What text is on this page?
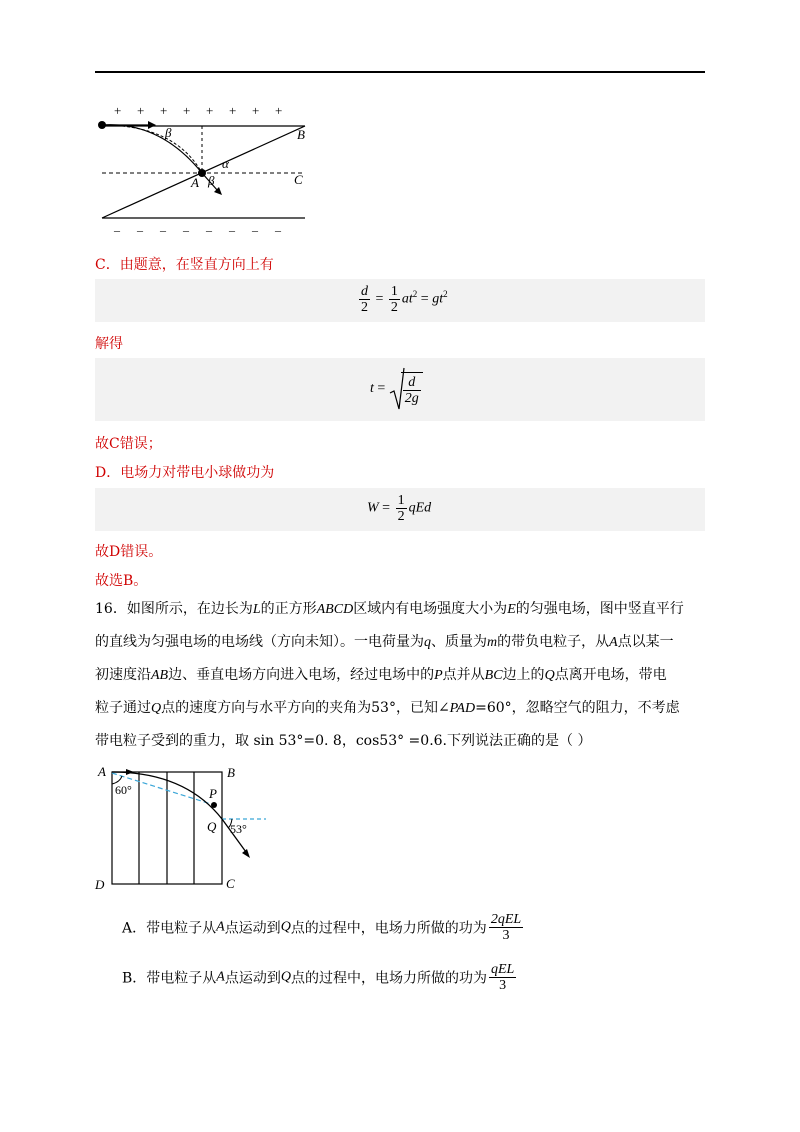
+ + + + + + + +
β	B
α
β
A	C
– – – – – – – –
C．由题意，在竖直方向上有
$\frac{d}{2} = \frac{1}{2} at^2 = gt^2$
解得
$t = \frac{d}{2g}$
故C错误；
D．电场力对带电小球做功为
$W = \frac{1}{2}$ qEd
故D错误。
故选B。
16．如图所示，在边长为L的正方形ABCD区域内有电场强度大小为E的匀强电场，图中竖直平行
的直线为匀强电场的电场线（方向未知）。一电荷量为q、质量为m的带负电粒子，从A点以某一
初速度沿AB边、垂直电场方向进入电场，经过电场中的P点并从BC边上的Q点离开电场，带电
粒子通过Q点的速度方向与水平方向的夹角为53°，已知∠PAD=60°，忽略空气的阻力，不考虑
带电粒子受到的重力，取 sin 53°=0. 8，cos53° =0.6.下列说法正确的是（ ）
A	B
C
D
P
Q
60°
53°
A．带电粒子从A点运动到Q点的过程中，电场力所做的功为 $\frac{\text{2qEL}}{3}$
B．带电粒子从A点运动到Q点的过程中，电场力所做的功为 $\frac{\text{qEL}}{3}$
